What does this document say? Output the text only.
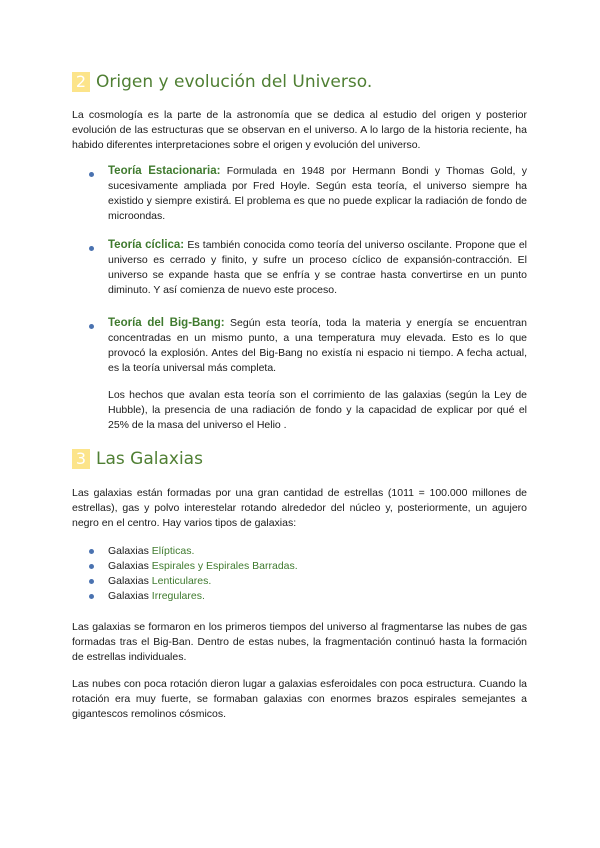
2 Origen y evolución del Universo.

La cosmología es la parte de la astronomía que se dedica al estudio del origen y posterior evolución de las estructuras que se observan en el universo. A lo largo de la historia reciente, ha habido diferentes interpretaciones sobre el origen y evolución del universo.

Teoría Estacionaria: Formulada en 1948 por Hermann Bondi y Thomas Gold, y sucesivamente ampliada por Fred Hoyle. Según esta teoría, el universo siempre ha existido y siempre existirá. El problema es que no puede explicar la radiación de fondo de microondas.
Teoría cíclica: Es también conocida como teoría del universo oscilante. Propone que el universo es cerrado y finito, y sufre un proceso cíclico de expansión-contracción. El universo se expande hasta que se enfría y se contrae hasta convertirse en un punto diminuto. Y así comienza de nuevo este proceso.
Teoría del Big-Bang: Según esta teoría, toda la materia y energía se encuentran concentradas en un mismo punto, a una temperatura muy elevada. Esto es lo que provocó la explosión. Antes del Big-Bang no existía ni espacio ni tiempo. A fecha actual, es la teoría universal más completa.
Los hechos que avalan esta teoría son el corrimiento de las galaxias (según la Ley de Hubble), la presencia de una radiación de fondo y la capacidad de explicar por qué el 25% de la masa del universo el Helio .
3 Las Galaxias

Las galaxias están formadas por una gran cantidad de estrellas (1011 = 100.000 millones de estrellas), gas y polvo interestelar rotando alrededor del núcleo y, posteriormente, un agujero negro en el centro. Hay varios tipos de galaxias:

Galaxias Elípticas.
Galaxias Espirales y Espirales Barradas.
Galaxias Lenticulares.
Galaxias Irregulares.

Las galaxias se formaron en los primeros tiempos del universo al fragmentarse las nubes de gas formadas tras el Big-Ban. Dentro de estas nubes, la fragmentación continuó hasta la formación de estrellas individuales.

Las nubes con poca rotación dieron lugar a galaxias esferoidales con poca estructura. Cuando la rotación era muy fuerte, se formaban galaxias con enormes brazos espirales semejantes a gigantescos remolinos cósmicos.
